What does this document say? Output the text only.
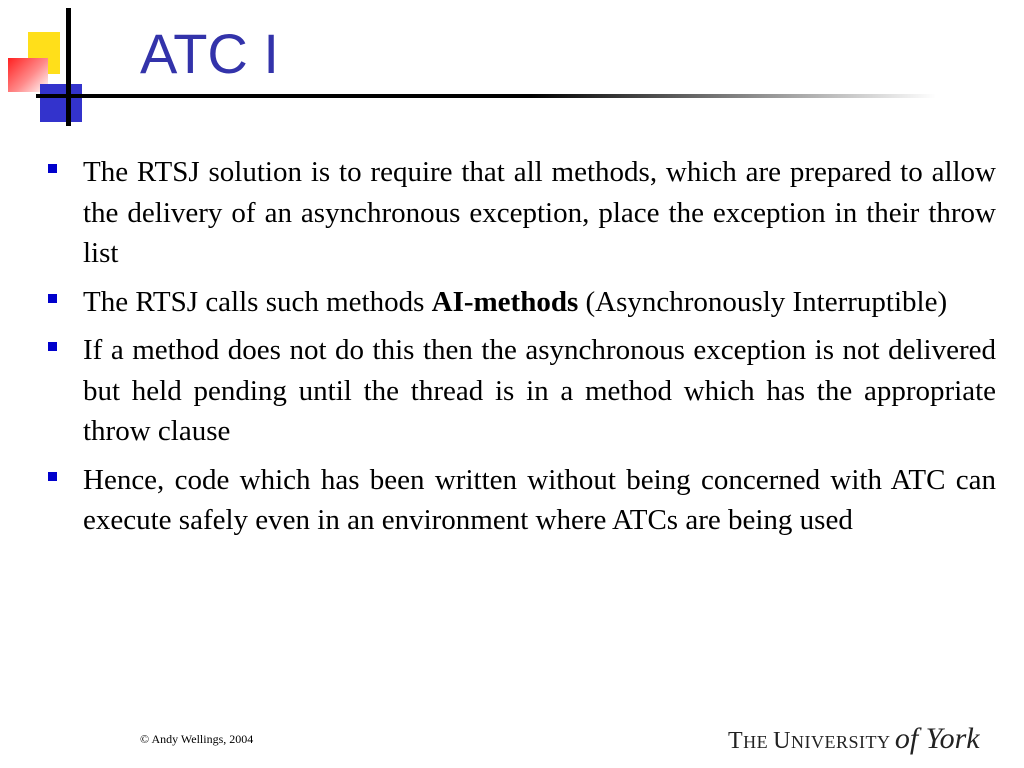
ATC I
The RTSJ solution is to require that all methods, which are prepared to allow the delivery of an asynchronous exception, place the exception in their throw list
The RTSJ calls such methods AI-methods (Asynchronously Interruptible)
If a method does not do this then the asynchronous exception is not delivered but held pending until the thread is in a method which has the appropriate throw clause
Hence, code which has been written without being concerned with ATC can execute safely even in an environment where ATCs are being used
© Andy Wellings, 2004	THE UNIVERSITY of York
